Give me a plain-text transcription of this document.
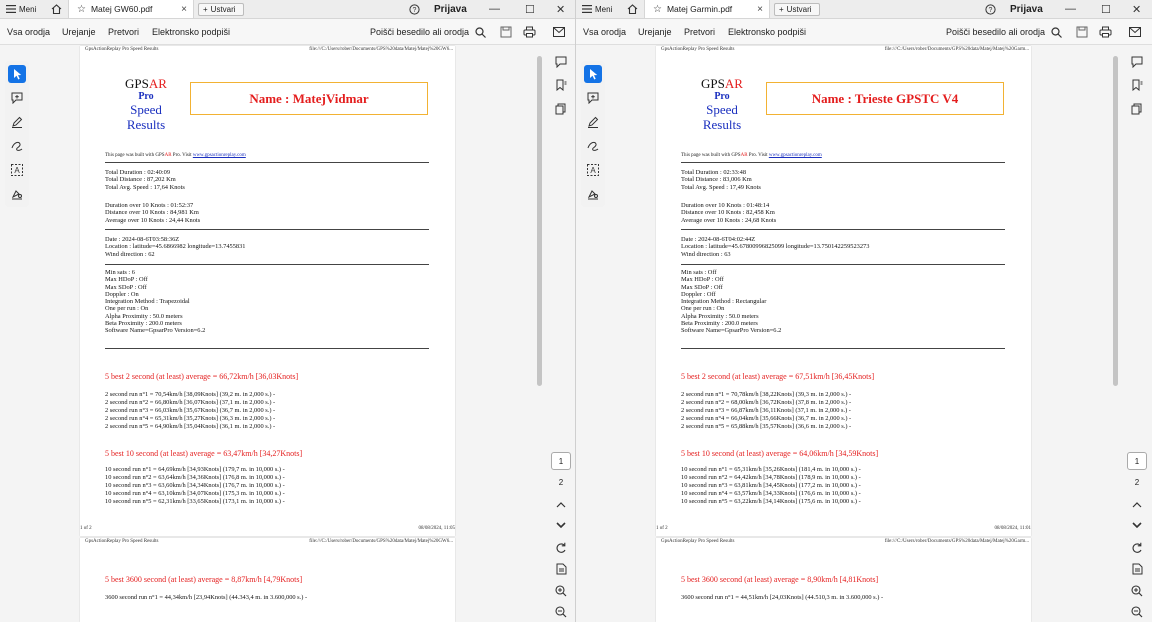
Meni	☆ Matej GW60.pdf	× + Ustvari	? Prijava — ☐ ✕
Vsa orodja Urejanje Pretvori Elektronsko podpiši	Poišči besedilo ali orodja
A
GpsActionReplay Pro Speed Results	file:///C:/Users/rober/Documents/GPS%20data/Matej/Matej%20GW6...
GPSAR
Pro
Speed
Results
Name : MatejVidmar
This page was built with GPSAR Pro. Visit www.gpsactionreplay.com
Total Duration : 02:40:09
Total Distance : 87,202 Km
Total Avg. Speed : 17,64 Knots
Duration over 10 Knots : 01:52:37
Distance over 10 Knots : 84,981 Km
Average over 10 Knots : 24,44 Knots
Date : 2024-08-6T03:58:36Z
Location : latitude=45.6866982 longitude=13.7455831
Wind direction : 62
Min sats : 6
Max HDoP : Off
Max SDoP : Off
Doppler : On
Integration Method : Trapezoidal
One per run : On
Alpha Proximity : 50.0 meters
Beta Proximity : 200.0 meters
Software Name=GpsarPro Version=6.2
5 best 2 second (at least) average = 66,72km/h [36,03Knots]
2 second run n°1 = 70,54km/h [38,09Knots] (39,2 m. in 2,000 s.) -
2 second run n°2 = 66,80km/h [36,07Knots] (37,1 m. in 2,000 s.) -
2 second run n°3 = 66,03km/h [35,67Knots] (36,7 m. in 2,000 s.) -
2 second run n°4 = 65,31km/h [35,27Knots] (36,3 m. in 2,000 s.) -
2 second run n°5 = 64,90km/h [35,04Knots] (36,1 m. in 2,000 s.) -
5 best 10 second (at least) average = 63,47km/h [34,27Knots]
10 second run n°1 = 64,69km/h [34,93Knots] (179,7 m. in 10,000 s.) -
10 second run n°2 = 63,64km/h [34,36Knots] (176,8 m. in 10,000 s.) -
10 second run n°3 = 63,60km/h [34,34Knots] (176,7 m. in 10,000 s.) -
10 second run n°4 = 63,10km/h [34,07Knots] (175,3 m. in 10,000 s.) -
10 second run n°5 = 62,31km/h [33,65Knots] (173,1 m. in 10,000 s.) -
1 of 2	08/08/2024, 11:05
GpsActionReplay Pro Speed Results	file:///C:/Users/rober/Documents/GPS%20data/Matej/Matej%20GW6...
5 best 3600 second (at least) average = 8,87km/h [4,79Knots]
3600 second run n°1 = 44,34km/h [23,94Knots] (44.343,4 m. in 3.600,000 s.) -
1
2
Meni	☆ Matej Garmin.pdf	× + Ustvari	? Prijava — ☐ ✕
Vsa orodja Urejanje Pretvori Elektronsko podpiši	Poišči besedilo ali orodja
A
GpsActionReplay Pro Speed Results	file:///C:/Users/rober/Documents/GPS%20data/Matej/Matej%20Garm...
GPSAR
Pro
Speed
Results
Name : Trieste GPSTC V4
This page was built with GPSAR Pro. Visit www.gpsactionreplay.com
Total Duration : 02:33:48
Total Distance : 83,006 Km
Total Avg. Speed : 17,49 Knots
Duration over 10 Knots : 01:48:14
Distance over 10 Knots : 82,458 Km
Average over 10 Knots : 24,68 Knots
Date : 2024-08-6T04:02:44Z
Location : latitude=45.67800996825099 longitude=13.750142259523273
Wind direction : 63
Min sats : Off
Max HDoP : Off
Max SDoP : Off
Doppler : Off
Integration Method : Rectangular
One per run : On
Alpha Proximity : 50.0 meters
Beta Proximity : 200.0 meters
Software Name=GpsarPro Version=6.2
5 best 2 second (at least) average = 67,51km/h [36,45Knots]
2 second run n°1 = 70,78km/h [38,22Knots] (39,3 m. in 2,000 s.) -
2 second run n°2 = 68,00km/h [36,72Knots] (37,8 m. in 2,000 s.) -
2 second run n°3 = 66,87km/h [36,11Knots] (37,1 m. in 2,000 s.) -
2 second run n°4 = 66,04km/h [35,66Knots] (36,7 m. in 2,000 s.) -
2 second run n°5 = 65,88km/h [35,57Knots] (36,6 m. in 2,000 s.) -
5 best 10 second (at least) average = 64,06km/h [34,59Knots]
10 second run n°1 = 65,31km/h [35,26Knots] (181,4 m. in 10,000 s.) -
10 second run n°2 = 64,42km/h [34,78Knots] (178,9 m. in 10,000 s.) -
10 second run n°3 = 63,81km/h [34,45Knots] (177,2 m. in 10,000 s.) -
10 second run n°4 = 63,57km/h [34,33Knots] (176,6 m. in 10,000 s.) -
10 second run n°5 = 63,22km/h [34,14Knots] (175,6 m. in 10,000 s.) -
1 of 2	08/08/2024, 11:01
GpsActionReplay Pro Speed Results	file:///C:/Users/rober/Documents/GPS%20data/Matej/Matej%20Garm...
5 best 3600 second (at least) average = 8,90km/h [4,81Knots]
3600 second run n°1 = 44,51km/h [24,03Knots] (44.510,3 m. in 3.600,000 s.) -
1
2
